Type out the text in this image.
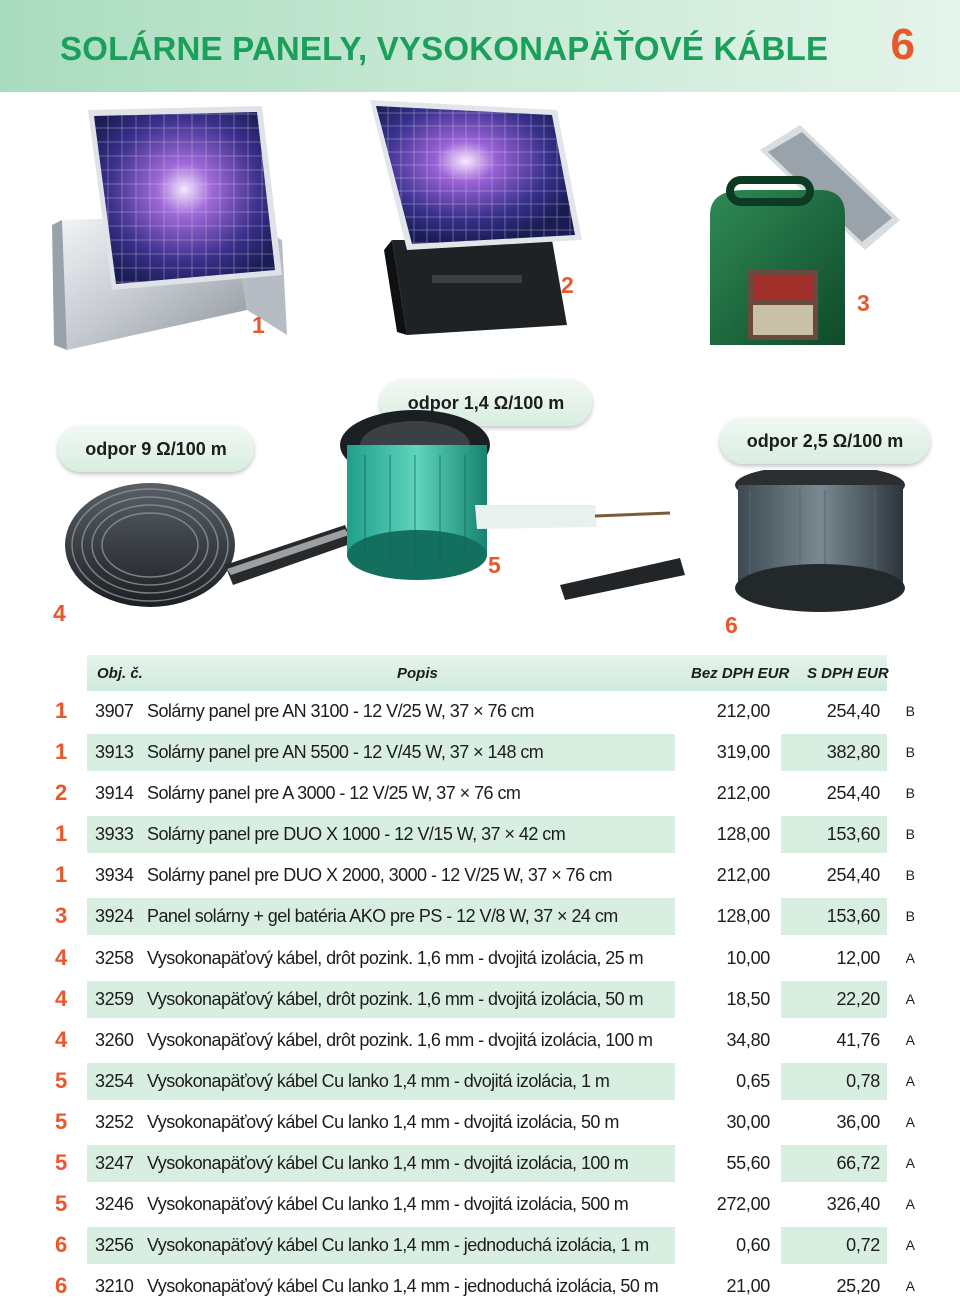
SOLÁRNE PANELY, VYSOKONAPÄŤOVÉ KÁBLE 6
1
2
3
odpor 9 Ω/100 m
odpor 1,4 Ω/100 m
odpor 2,5 Ω/100 m
4
5
6
Obj. č.	Popis	Bez DPH EUR S DPH EUR
1 3907 Solárny panel pre AN 3100 - 12 V/25 W, 37 × 76 cm	212,00	254,40 B
1 3913 Solárny panel pre AN 5500 - 12 V/45 W, 37 × 148 cm	319,00	382,80 B
2 3914 Solárny panel pre A 3000 - 12 V/25 W, 37 × 76 cm	212,00	254,40 B
1 3933 Solárny panel pre DUO X 1000 - 12 V/15 W, 37 × 42 cm	128,00	153,60 B
1 3934 Solárny panel pre DUO X 2000, 3000 - 12 V/25 W, 37 × 76 cm	212,00	254,40 B
3 3924 Panel solárny + gel batéria AKO pre PS - 12 V/8 W, 37 × 24 cm	128,00	153,60 B
4 3258 Vysokonapäťový kábel, drôt pozink. 1,6 mm - dvojitá izolácia, 25 m	10,00	12,00 A
4 3259 Vysokonapäťový kábel, drôt pozink. 1,6 mm - dvojitá izolácia, 50 m	18,50	22,20 A
4 3260 Vysokonapäťový kábel, drôt pozink. 1,6 mm - dvojitá izolácia, 100 m	34,80	41,76 A
5 3254 Vysokonapäťový kábel Cu lanko 1,4 mm - dvojitá izolácia, 1 m	0,65	0,78 A
5 3252 Vysokonapäťový kábel Cu lanko 1,4 mm - dvojitá izolácia, 50 m	30,00	36,00 A
5 3247 Vysokonapäťový kábel Cu lanko 1,4 mm - dvojitá izolácia, 100 m	55,60	66,72 A
5 3246 Vysokonapäťový kábel Cu lanko 1,4 mm - dvojitá izolácia, 500 m	272,00	326,40 A
6 3256 Vysokonapäťový kábel Cu lanko 1,4 mm - jednoduchá izolácia, 1 m	0,60	0,72 A
6 3210 Vysokonapäťový kábel Cu lanko 1,4 mm - jednoduchá izolácia, 50 m	21,00	25,20 A
